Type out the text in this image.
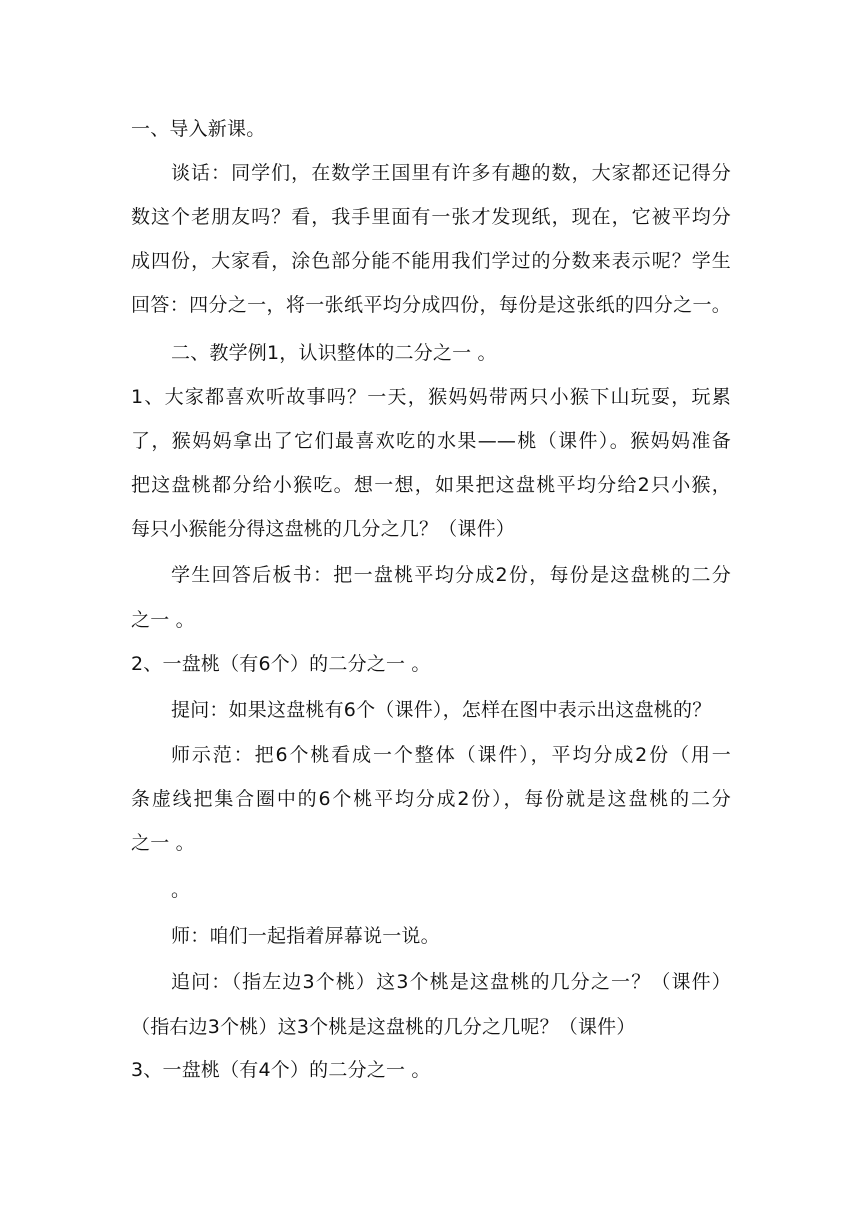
一、导入新课。
谈话：同学们，在数学王国里有许多有趣的数，大家都还记得分
数这个老朋友吗？看，我手里面有一张才发现纸，现在，它被平均分
成四份，大家看，涂色部分能不能用我们学过的分数来表示呢？学生
回答：四分之一，将一张纸平均分成四份，每份是这张纸的四分之一。
二、教学例1，认识整体的二分之一 。
1、大家都喜欢听故事吗？一天，猴妈妈带两只小猴下山玩耍，玩累
了，猴妈妈拿出了它们最喜欢吃的水果——桃（课件）。猴妈妈准备
把这盘桃都分给小猴吃。想一想，如果把这盘桃平均分给2只小猴，
每只小猴能分得这盘桃的几分之几？（课件）
学生回答后板书：把一盘桃平均分成2份，每份是这盘桃的二分
之一 。
2、一盘桃（有6个）的二分之一 。
提问：如果这盘桃有6个（课件），怎样在图中表示出这盘桃的？
师示范：把6个桃看成一个整体（课件），平均分成2份（用一
条虚线把集合圈中的6个桃平均分成2份），每份就是这盘桃的二分
之一 。
。
师：咱们一起指着屏幕说一说。
追问：（指左边3个桃）这3个桃是这盘桃的几分之一？（课件）
（指右边3个桃）这3个桃是这盘桃的几分之几呢？（课件）
3、一盘桃（有4个）的二分之一 。
